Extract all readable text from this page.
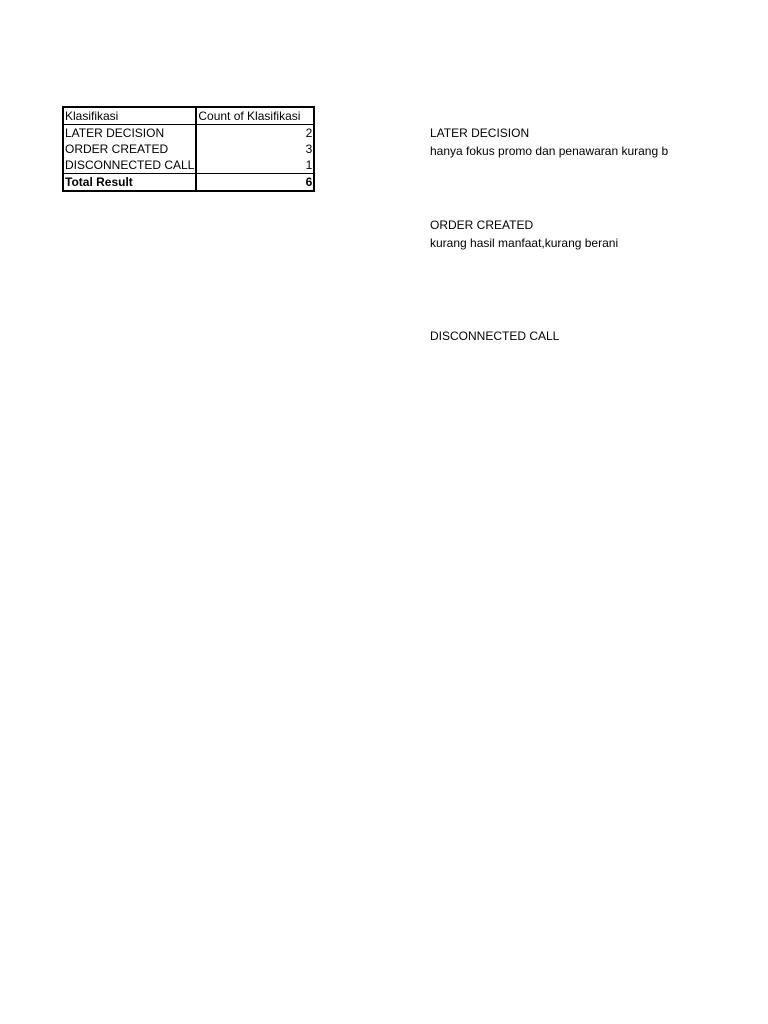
Klasifikasi	Count of Klasifikasi
LATER DECISION	2
ORDER CREATED	3
DISCONNECTED CALL	1
Total Result	6
LATER DECISION
hanya fokus promo dan penawaran kurang b
ORDER CREATED
kurang hasil manfaat,kurang berani
DISCONNECTED CALL
